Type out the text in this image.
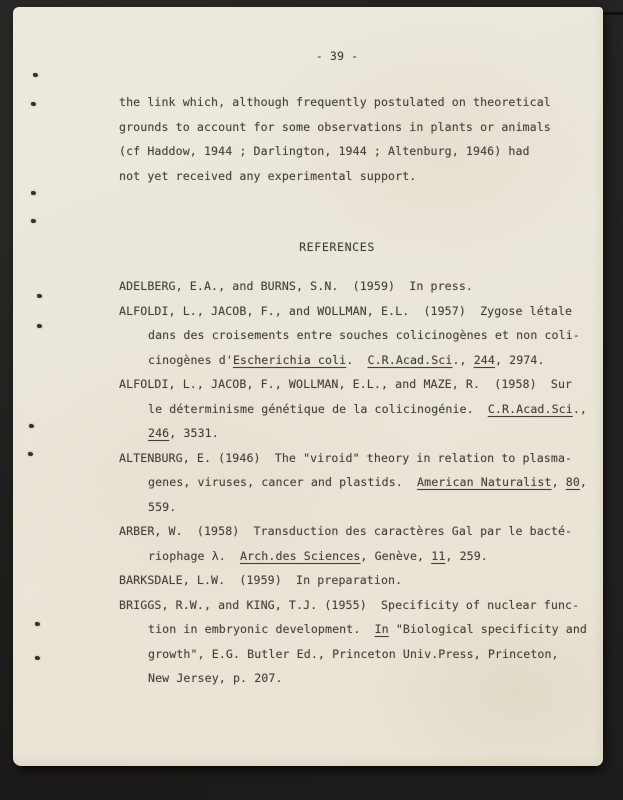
- 39 -

the link which, although frequently postulated on theoretical
grounds to account for some observations in plants or animals
(cf Haddow, 1944 ; Darlington, 1944 ; Altenburg, 1946) had
not yet received any experimental support.

REFERENCES

ADELBERG, E.A., and BURNS, S.N.  (1959)  In press.
ALFOLDI, L., JACOB, F., and WOLLMAN, E.L.  (1957)  Zygose létale
dans des croisements entre souches colicinogènes et non coli-
cinogènes d'Escherichia coli.  C.R.Acad.Sci., 244, 2974.
ALFOLDI, L., JACOB, F., WOLLMAN, E.L., and MAZE, R.  (1958)  Sur
le déterminisme génétique de la colicinogénie.  C.R.Acad.Sci.,
246, 3531.
ALTENBURG, E. (1946)  The "viroid" theory in relation to plasma-
genes, viruses, cancer and plastids.  American Naturalist, 80,
559.
ARBER, W.  (1958)  Transduction des caractères Gal par le bacté-
riophage λ.  Arch.des Sciences, Genève, 11, 259.
BARKSDALE, L.W.  (1959)  In preparation.
BRIGGS, R.W., and KING, T.J. (1955)  Specificity of nuclear func-
tion in embryonic development.  In "Biological specificity and
growth", E.G. Butler Ed., Princeton Univ.Press, Princeton,
New Jersey, p. 207.
